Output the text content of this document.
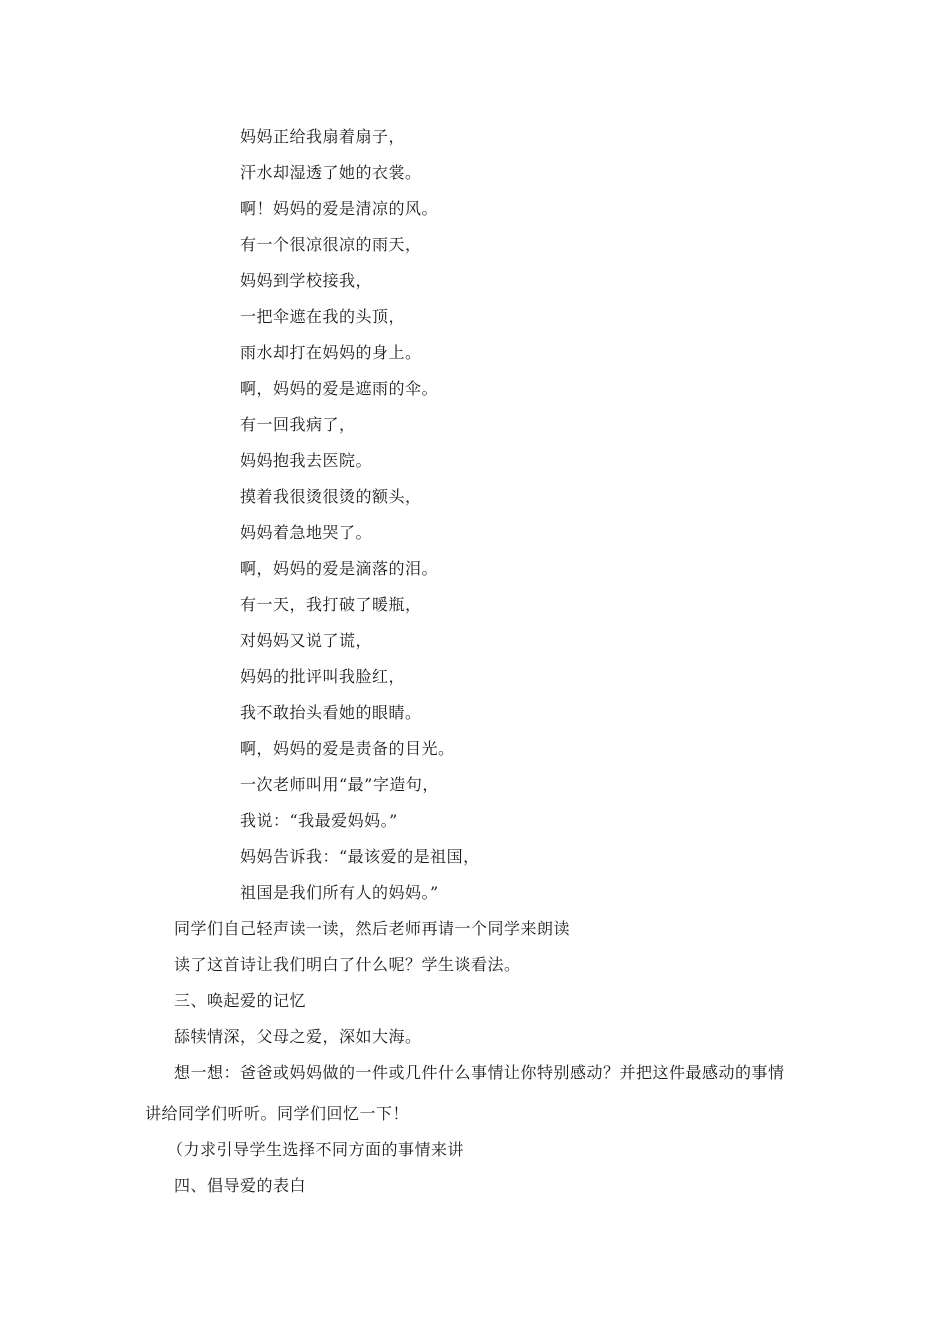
妈妈正给我扇着扇子，
汗水却湿透了她的衣裳。
啊！妈妈的爱是清凉的风。
有一个很凉很凉的雨天，
妈妈到学校接我，
一把伞遮在我的头顶，
雨水却打在妈妈的身上。
啊，妈妈的爱是遮雨的伞。
有一回我病了，
妈妈抱我去医院。
摸着我很烫很烫的额头，
妈妈着急地哭了。
啊，妈妈的爱是滴落的泪。
有一天，我打破了暖瓶，
对妈妈又说了谎，
妈妈的批评叫我脸红，
我不敢抬头看她的眼睛。
啊，妈妈的爱是责备的目光。
一次老师叫用“最”字造句，
我说：“我最爱妈妈。”
妈妈告诉我：“最该爱的是祖国，
祖国是我们所有人的妈妈。”
同学们自己轻声读一读，然后老师再请一个同学来朗读
读了这首诗让我们明白了什么呢？学生谈看法。
三、唤起爱的记忆
舔犊情深，父母之爱，深如大海。
想一想：爸爸或妈妈做的一件或几件什么事情让你特别感动？并把这件最感动的事情
讲给同学们听听。同学们回忆一下！
（力求引导学生选择不同方面的事情来讲
四、倡导爱的表白
